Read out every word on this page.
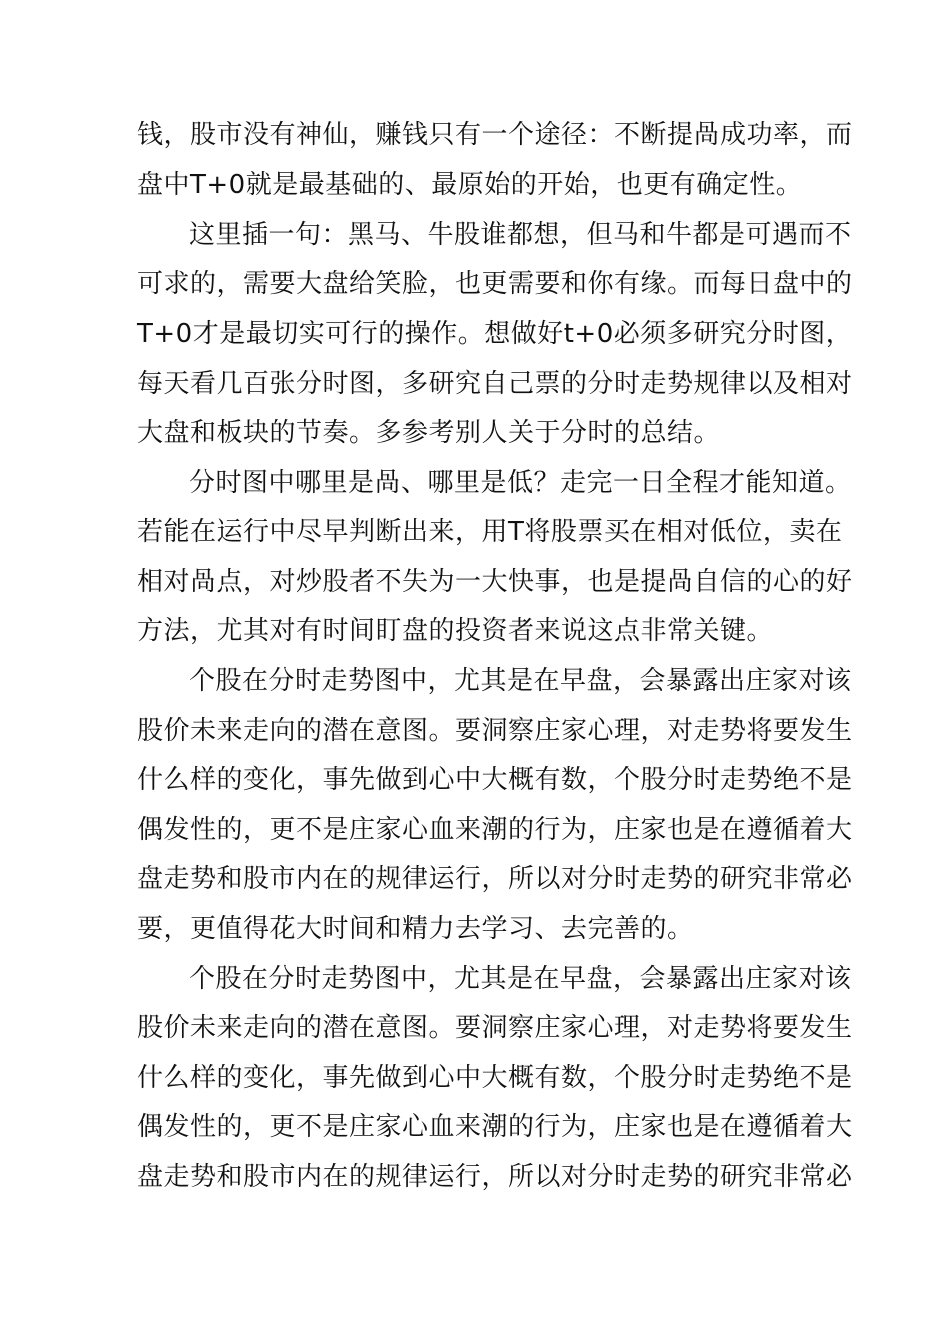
钱，股市没有神仙，赚钱只有一个途径：不断提咼成功率，而
盘中T+0就是最基础的、最原始的开始，也更有确定性。
这里插一句：黑马、牛股谁都想，但马和牛都是可遇而不
可求的，需要大盘给笑脸，也更需要和你有缘。而每日盘中的
T+0才是最切实可行的操作。想做好t+0必须多研究分时图，
每天看几百张分时图，多研究自己票的分时走势规律以及相对
大盘和板块的节奏。多参考别人关于分时的总结。
分时图中哪里是咼、哪里是低？走完一日全程才能知道。
若能在运行中尽早判断出来，用T将股票买在相对低位，卖在
相对咼点，对炒股者不失为一大快事，也是提咼自信的心的好
方法，尤其对有时间盯盘的投资者来说这点非常关键。
个股在分时走势图中，尤其是在早盘，会暴露出庄家对该
股价未来走向的潜在意图。要洞察庄家心理，对走势将要发生
什么样的变化，事先做到心中大概有数，个股分时走势绝不是
偶发性的，更不是庄家心血来潮的行为，庄家也是在遵循着大
盘走势和股市内在的规律运行，所以对分时走势的研究非常必
要，更值得花大时间和精力去学习、去完善的。
个股在分时走势图中，尤其是在早盘，会暴露出庄家对该
股价未来走向的潜在意图。要洞察庄家心理，对走势将要发生
什么样的变化，事先做到心中大概有数，个股分时走势绝不是
偶发性的，更不是庄家心血来潮的行为，庄家也是在遵循着大
盘走势和股市内在的规律运行，所以对分时走势的研究非常必
